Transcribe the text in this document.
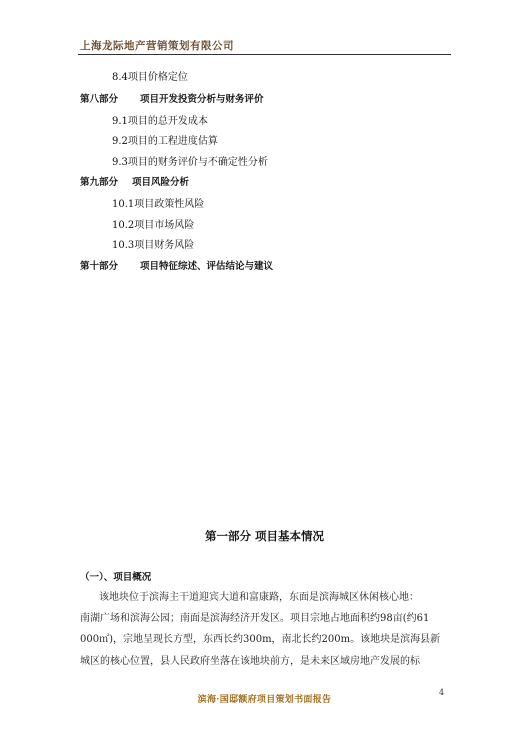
上海龙际地产营销策划有限公司
8.4项目价格定位
第八部分 项目开发投资分析与财务评价
9.1项目的总开发成本
9.2项目的工程进度估算
9.3项目的财务评价与不确定性分析
第九部分 项目风险分析
10.1项目政策性风险
10.2项目市场风险
10.3项目财务风险
第十部分 项目特征综述、评估结论与建议
第一部分 项目基本情况
（一）、项目概况
该地块位于滨海主干道迎宾大道和富康路，东面是滨海城区休闲核心地：
南湖广场和滨海公园；南面是滨海经济开发区。项目宗地占地面积约98亩(约61
000㎡)，宗地呈现长方型，东西长约300m，南北长约200m。该地块是滨海县新
城区的核心位置，县人民政府坐落在该地块前方，是未来区域房地产发展的标
滨海·国邸额府项目策划书面报告
4
